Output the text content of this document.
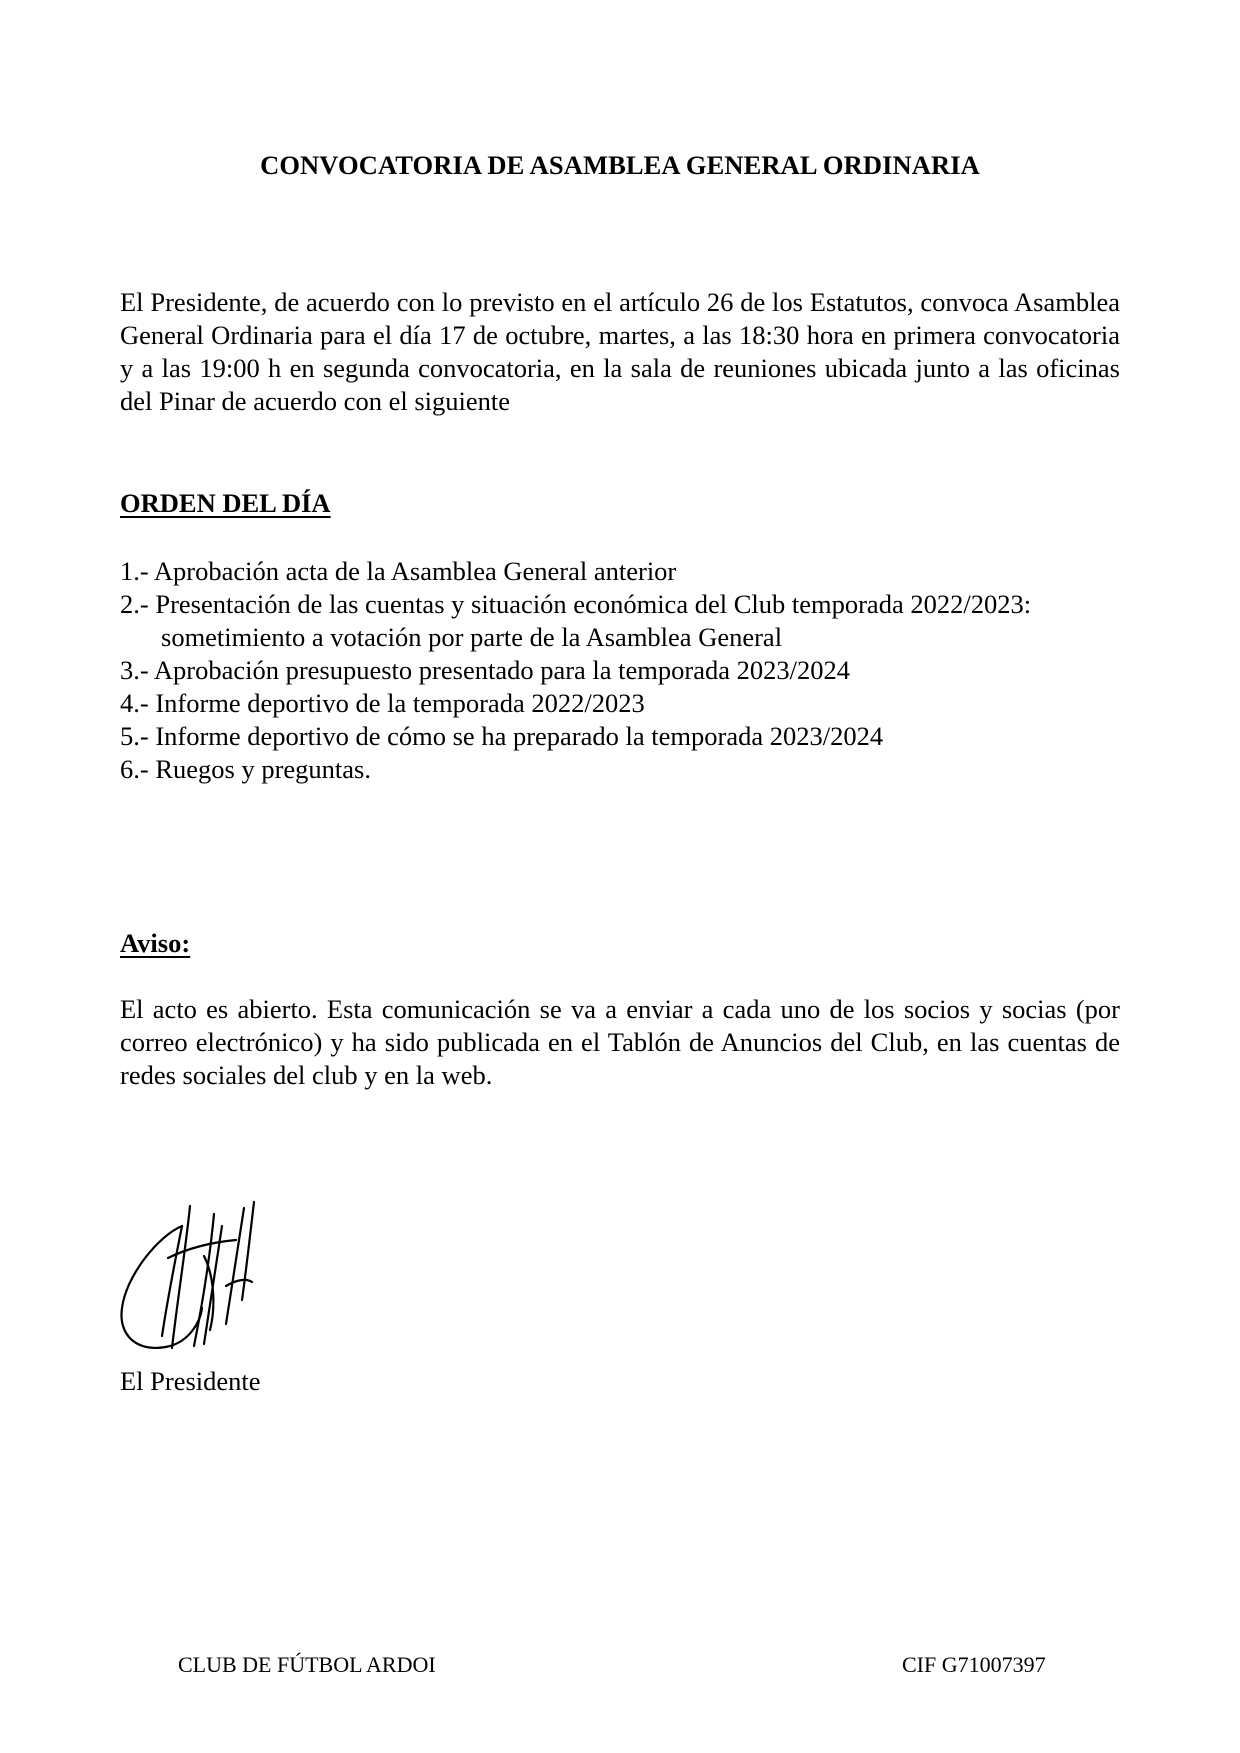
CONVOCATORIA DE ASAMBLEA GENERAL ORDINARIA
El Presidente, de acuerdo con lo previsto en el artículo 26 de los Estatutos, convoca Asamblea General Ordinaria para el día 17 de octubre, martes, a las 18:30 hora en primera convocatoria y a las 19:00 h en segunda convocatoria, en la sala de reuniones ubicada junto a las oficinas del Pinar de acuerdo con el siguiente
ORDEN DEL DÍA
1.- Aprobación acta de la Asamblea General anterior
2.- Presentación de las cuentas y situación económica del Club temporada 2022/2023: sometimiento a votación por parte de la Asamblea General
3.- Aprobación presupuesto presentado para la temporada 2023/2024
4.- Informe deportivo de la temporada 2022/2023
5.- Informe deportivo de cómo se ha preparado la temporada 2023/2024
6.- Ruegos y preguntas.
Aviso:
El acto es abierto. Esta comunicación se va a enviar a cada uno de los socios y socias (por correo electrónico) y ha sido publicada en el Tablón de Anuncios del Club, en las cuentas de redes sociales del club y en la web.
El Presidente
CLUB DE FÚTBOL ARDOI	CIF G71007397
